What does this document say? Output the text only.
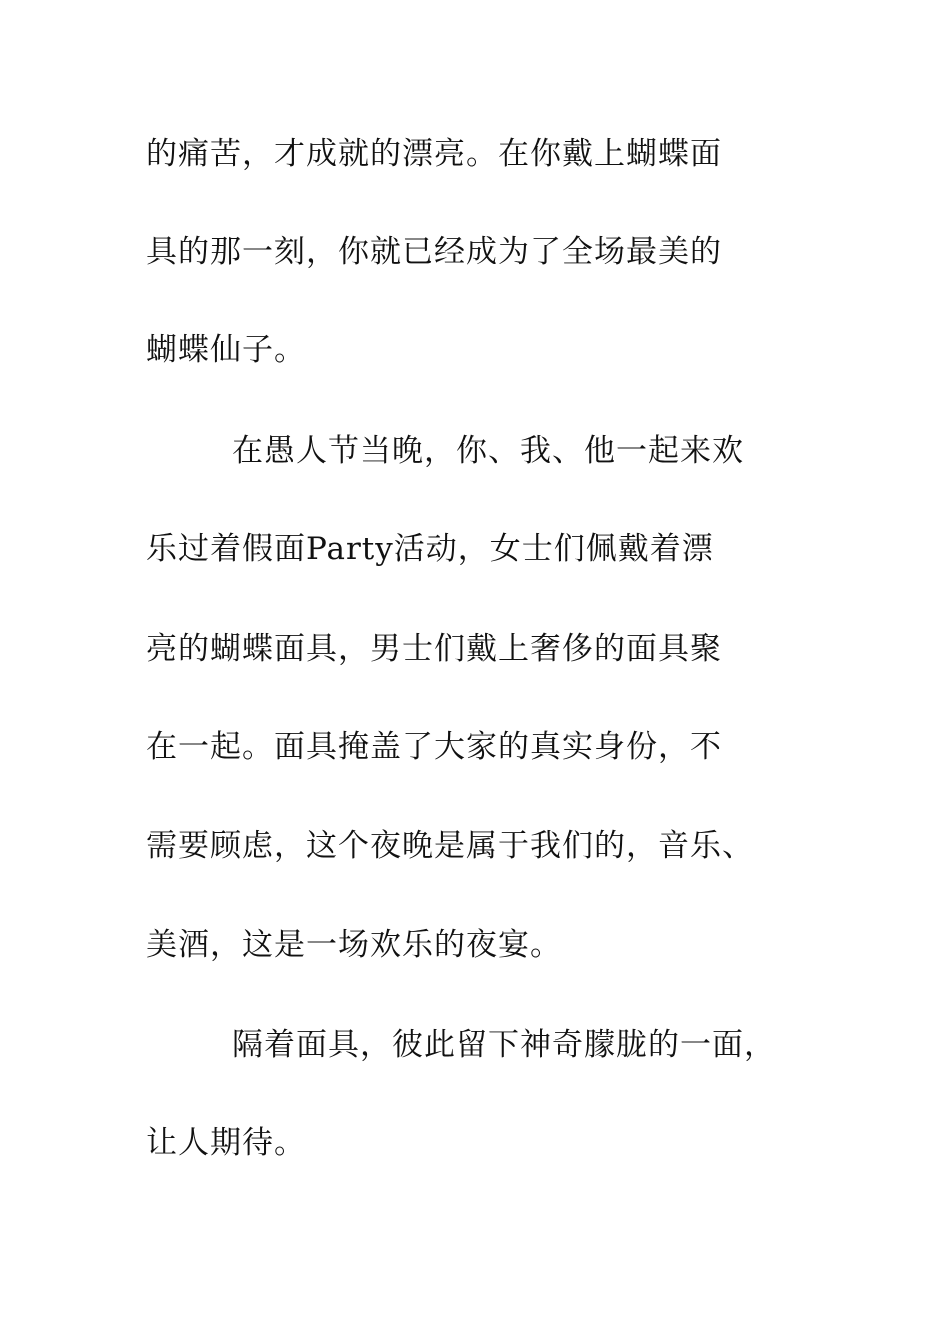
的痛苦，才成就的漂亮。在你戴上蝴蝶面
具的那一刻，你就已经成为了全场最美的
蝴蝶仙子。
在愚人节当晚，你、我、他一起来欢
乐过着假面Party活动，女士们佩戴着漂
亮的蝴蝶面具，男士们戴上奢侈的面具聚
在一起。面具掩盖了大家的真实身份，不
需要顾虑，这个夜晚是属于我们的，音乐、
美酒，这是一场欢乐的夜宴。
隔着面具，彼此留下神奇朦胧的一面，
让人期待。
